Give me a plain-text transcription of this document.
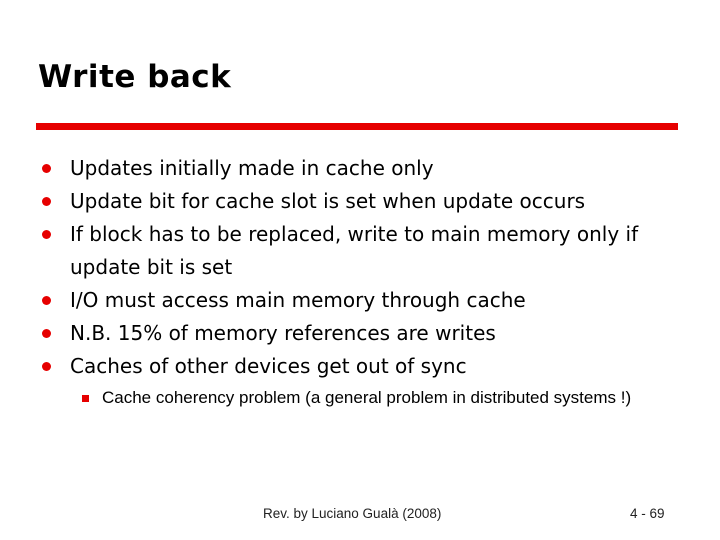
Write back
Updates initially made in cache only
Update bit for cache slot is set when update occurs
If block has to be replaced, write to main memory only if update bit is set
I/O must access main memory through cache
N.B. 15% of memory references are writes
Caches of other devices get out of sync
Cache coherency problem (a general problem in distributed systems !)
Rev. by Luciano Gualà (2008)	4 - 69
